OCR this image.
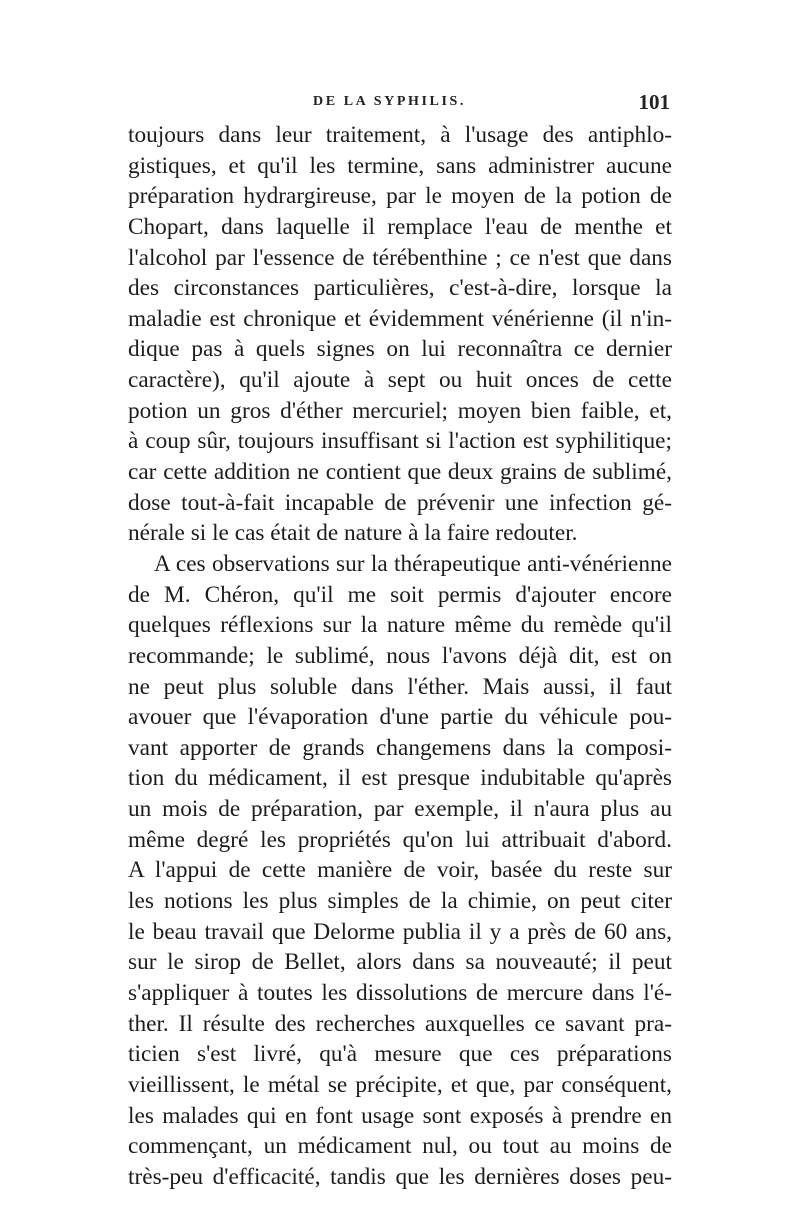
DE LA SYPHILIS.	101
toujours dans leur traitement, à l'usage des antiphlo-
gistiques, et qu'il les termine, sans administrer aucune
préparation hydrargireuse, par le moyen de la potion de
Chopart, dans laquelle il remplace l'eau de menthe et
l'alcohol par l'essence de térébenthine ; ce n'est que dans
des circonstances particulières, c'est-à-dire, lorsque la
maladie est chronique et évidemment vénérienne (il n'in-
dique pas à quels signes on lui reconnaîtra ce dernier
caractère), qu'il ajoute à sept ou huit onces de cette
potion un gros d'éther mercuriel; moyen bien faible, et,
à coup sûr, toujours insuffisant si l'action est syphilitique;
car cette addition ne contient que deux grains de sublimé,
dose tout-à-fait incapable de prévenir une infection gé-
nérale si le cas était de nature à la faire redouter.
A ces observations sur la thérapeutique anti-vénérienne
de M. Chéron, qu'il me soit permis d'ajouter encore
quelques réflexions sur la nature même du remède qu'il
recommande; le sublimé, nous l'avons déjà dit, est on
ne peut plus soluble dans l'éther. Mais aussi, il faut
avouer que l'évaporation d'une partie du véhicule pou-
vant apporter de grands changemens dans la composi-
tion du médicament, il est presque indubitable qu'après
un mois de préparation, par exemple, il n'aura plus au
même degré les propriétés qu'on lui attribuait d'abord.
A l'appui de cette manière de voir, basée du reste sur
les notions les plus simples de la chimie, on peut citer
le beau travail que Delorme publia il y a près de 60 ans,
sur le sirop de Bellet, alors dans sa nouveauté; il peut
s'appliquer à toutes les dissolutions de mercure dans l'é-
ther. Il résulte des recherches auxquelles ce savant pra-
ticien s'est livré, qu'à mesure que ces préparations
vieillissent, le métal se précipite, et que, par conséquent,
les malades qui en font usage sont exposés à prendre en
commençant, un médicament nul, ou tout au moins de
très-peu d'efficacité, tandis que les dernières doses peu-
